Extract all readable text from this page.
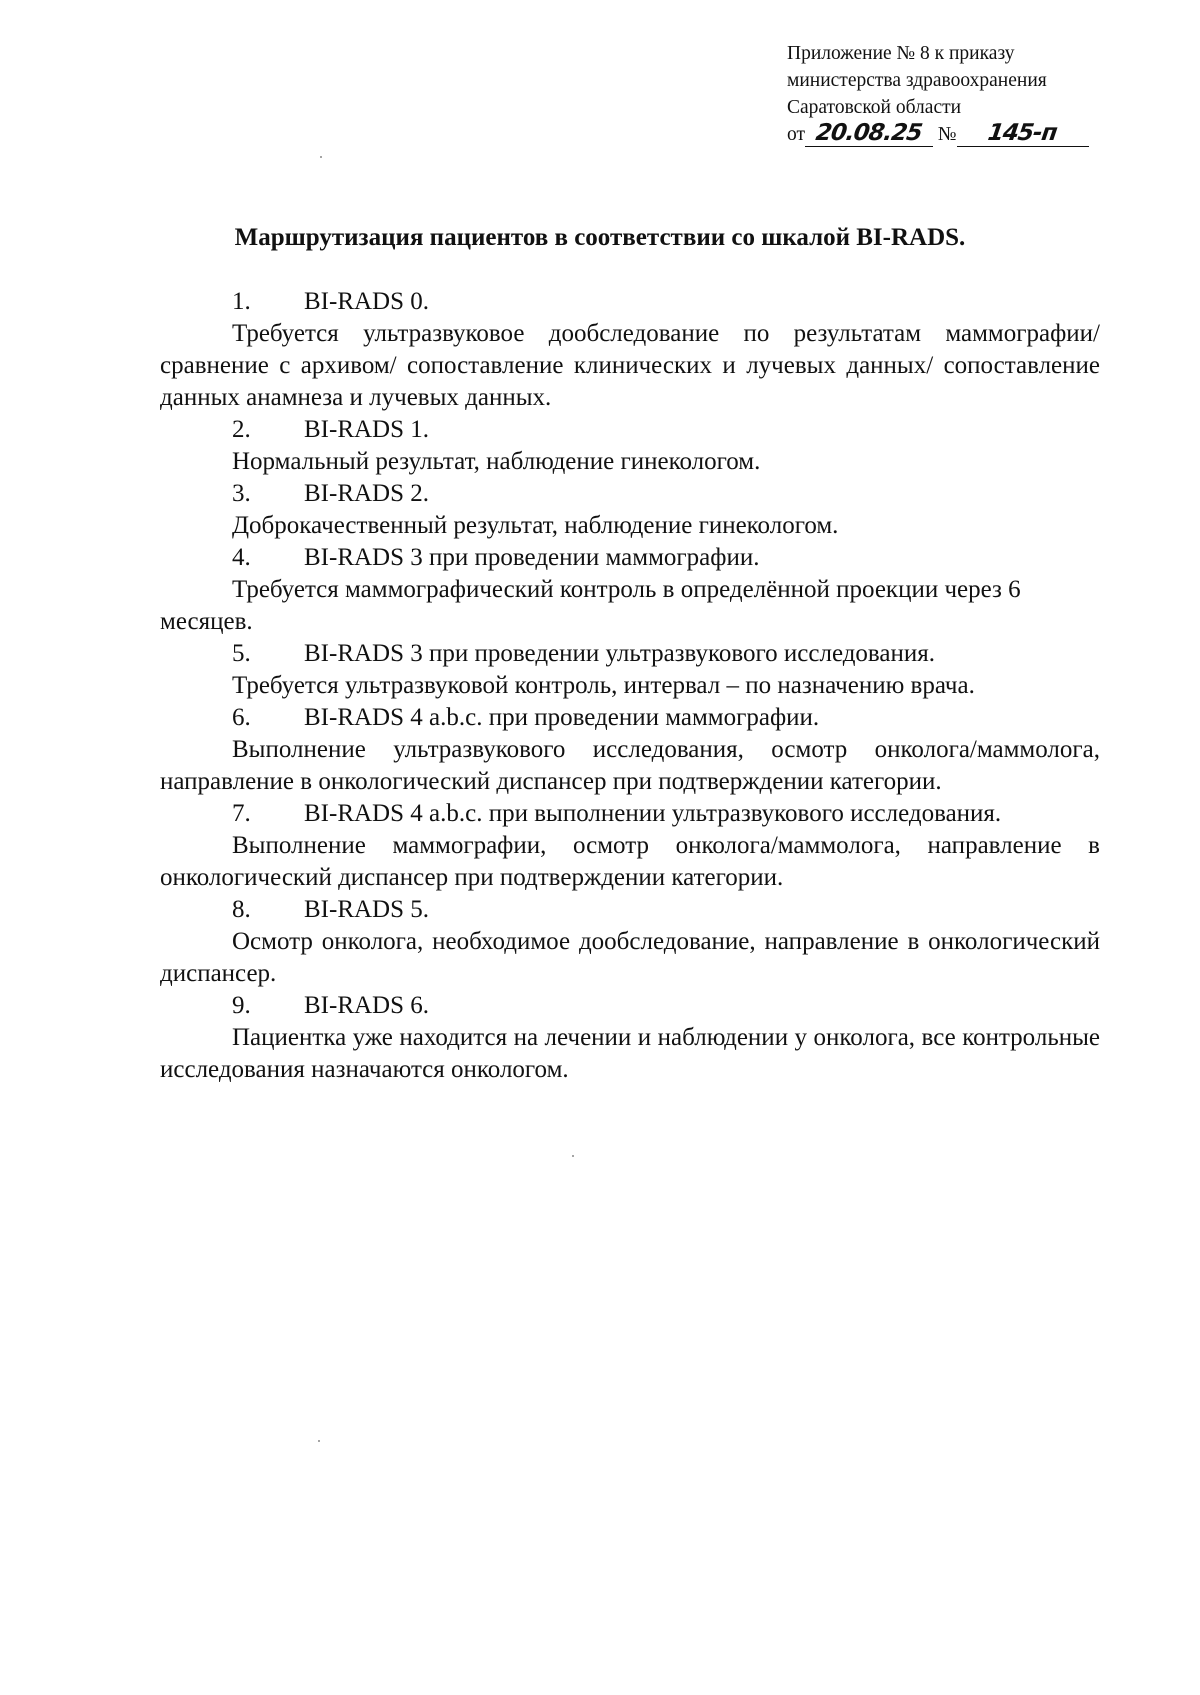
Приложение № 8 к приказу
министерства здравоохранения
Саратовской области
от 20.08.25 № 145-п
Маршрутизация пациентов в соответствии со шкалой BI-RADS.
1.	BI-RADS 0.
Требуется ультразвуковое дообследование по результатам маммографии/ сравнение с архивом/ сопоставление клинических и лучевых данных/ сопоставление данных анамнеза и лучевых данных.
2.	BI-RADS 1.
Нормальный результат, наблюдение гинекологом.
3.	BI-RADS 2.
Доброкачественный результат, наблюдение гинекологом.
4.	BI-RADS 3 при проведении маммографии.
Требуется маммографический контроль в определённой проекции через 6 месяцев.
5.	BI-RADS 3 при проведении ультразвукового исследования.
Требуется ультразвуковой контроль, интервал – по назначению врача.
6.	BI-RADS 4 a.b.c. при проведении маммографии.
Выполнение ультразвукового исследования, осмотр онколога/маммолога, направление в онкологический диспансер при подтверждении категории.
7.	BI-RADS 4 a.b.c. при выполнении ультразвукового исследования.
Выполнение маммографии, осмотр онколога/маммолога, направление в онкологический диспансер при подтверждении категории.
8.	BI-RADS 5.
Осмотр онколога, необходимое дообследование, направление в онкологический диспансер.
9.	BI-RADS 6.
Пациентка уже находится на лечении и наблюдении у онколога, все контрольные исследования назначаются онкологом.
